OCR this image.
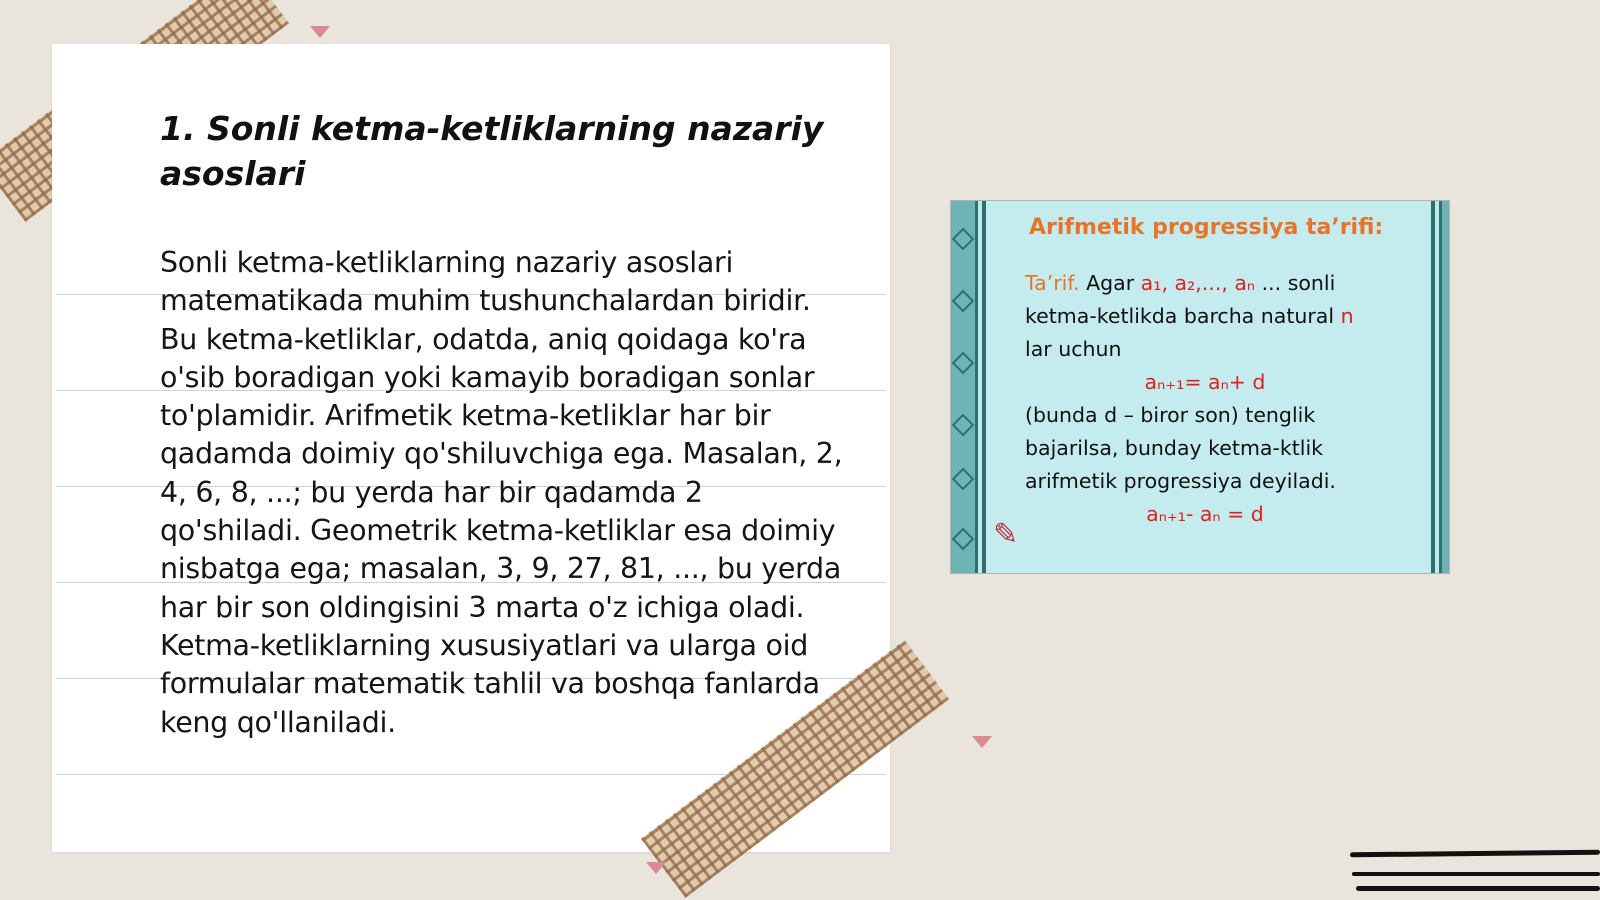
1. Sonli ketma-ketliklarning nazariy asoslari
Sonli ketma-ketliklarning nazariy asoslari matematikada muhim tushunchalardan biridir. Bu ketma-ketliklar, odatda, aniq qoidaga ko'ra o'sib boradigan yoki kamayib boradigan sonlar to'plamidir. Arifmetik ketma-ketliklar har bir qadamda doimiy qo'shiluvchiga ega. Masalan, 2, 4, 6, 8, ...; bu yerda har bir qadamda 2 qo'shiladi. Geometrik ketma-ketliklar esa doimiy nisbatga ega; masalan, 3, 9, 27, 81, ..., bu yerda har bir son oldingisini 3 marta o'z ichiga oladi. Ketma-ketliklarning xususiyatlari va ularga oid formulalar matematik tahlil va boshqa fanlarda keng qo'llaniladi.
Arifmetik progressiya ta’rifi:
Ta’rif. Agar a₁, a₂,..., aₙ ... sonli
ketma-ketlikda barcha natural n
lar uchun

aₙ₊₁= aₙ+ d
(bunda d – biror son) tenglik
bajarilsa, bunday ketma-ktlik
arifmetik progressiya deyiladi.

aₙ₊₁- aₙ = d
✎
